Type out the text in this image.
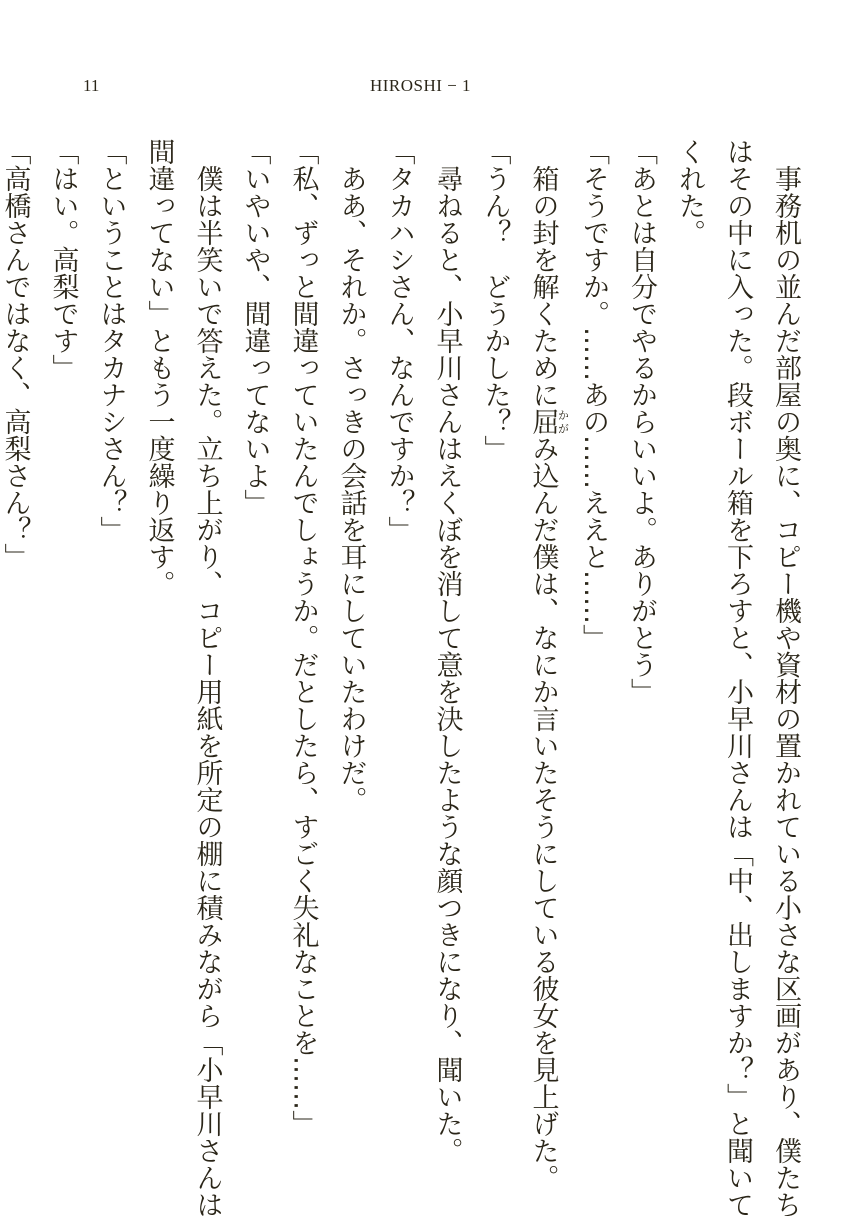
11	HIROSHI − 1

事務机の並んだ部屋の奥に、コピー機や資材の置かれている小さな区画があり、僕たち

はその中に入った。段ボール箱を下ろすと、小早川さんは「中、出しますか？」と聞いて

くれた。

「あとは自分でやるからいいよ。ありがとう」

「そうですか。……あの……ええと……」

箱の封を解くために屈かがみ込んだ僕は、なにか言いたそうにしている彼女を見上げた。

「うん？　どうかした？」

尋ねると、小早川さんはえくぼを消して意を決したような顔つきになり、聞いた。

「タカハシさん、なんですか？」

ああ、それか。さっきの会話を耳にしていたわけだ。

「私、ずっと間違っていたんでしょうか。だとしたら、すごく失礼なことを……」

「いやいや、間違ってないよ」

僕は半笑いで答えた。立ち上がり、コピー用紙を所定の棚に積みながら「小早川さんは

間違ってない」ともう一度繰り返す。

「ということはタカナシさん？」

「はい。高梨です」

「高橋さんではなく、高梨さん？」
